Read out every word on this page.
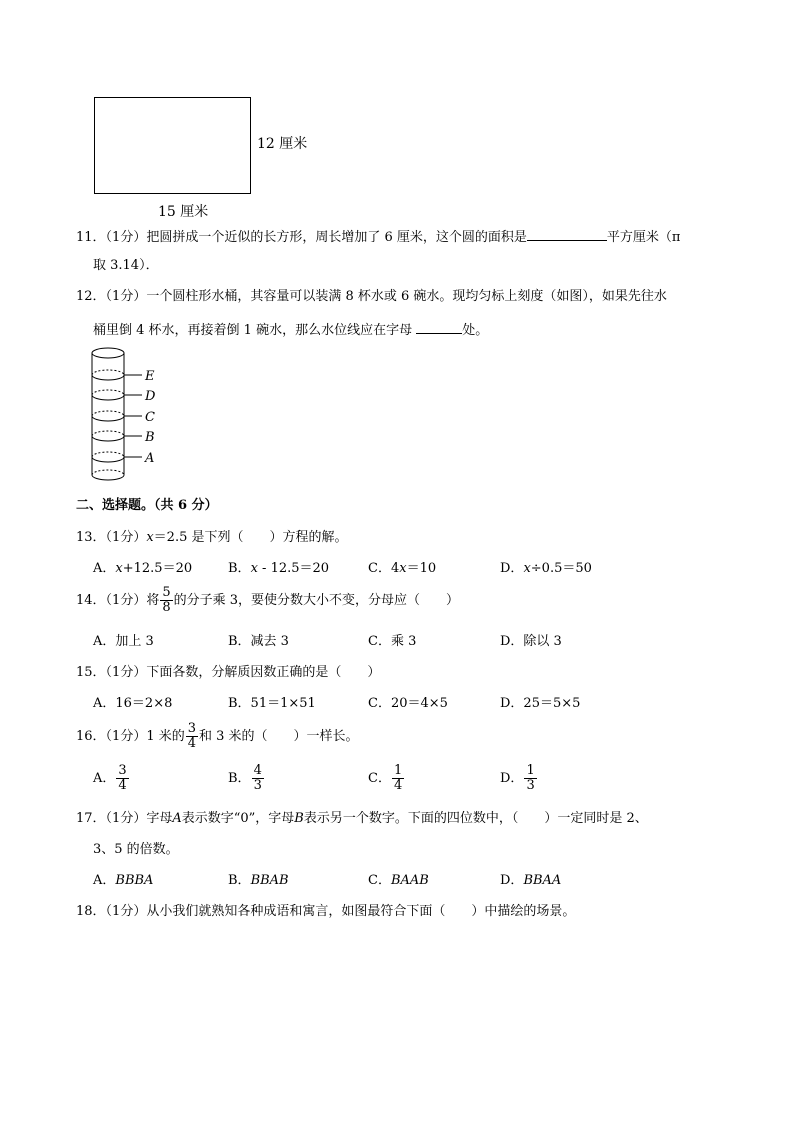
12 厘米
15 厘米
11．（1分）把圆拼成一个近似的长方形，周长增加了 6 厘米，这个圆的面积是	平方厘米（π
取 3.14）．
12．（1分）一个圆柱形水桶，其容量可以装满 8 杯水或 6 碗水。现均匀标上刻度（如图），如果先往水
桶里倒 4 杯水，再接着倒 1 碗水，那么水位线应在字母	处。
E
D
C
B
A
二、选择题。（共 6 分）
13．（1分）x＝2.5 是下列（　　）方程的解。
A．x+12.5＝20	B．x ‐ 12.5＝20	C．4x＝10	D．x÷0.5＝50
14．（1分）将 $\frac{5}{8}$ 的分子乘 3，要使分数大小不变，分母应（　　）
A．加上 3	B．减去 3	C．乘 3	D．除以 3
15．（1分）下面各数，分解质因数正确的是（　　）
A．16＝2×8	B．51＝1×51	C．20＝4×5	D．25＝5×5
16．（1分）1 米的 $\frac{3}{4}$ 和 3 米的（　　）一样长。
A． $\frac{3}{4}$	B． $\frac{4}{3}$	C． $\frac{1}{4}$	D． $\frac{1}{3}$
17．（1分）字母A表示数字“0”，字母B表示另一个数字。下面的四位数中，（　　）一定同时是 2、
3、5 的倍数。
A．BBBA	B．BBAB	C．BAAB	D．BBAA
18．（1分）从小我们就熟知各种成语和寓言，如图最符合下面（　　）中描绘的场景。
